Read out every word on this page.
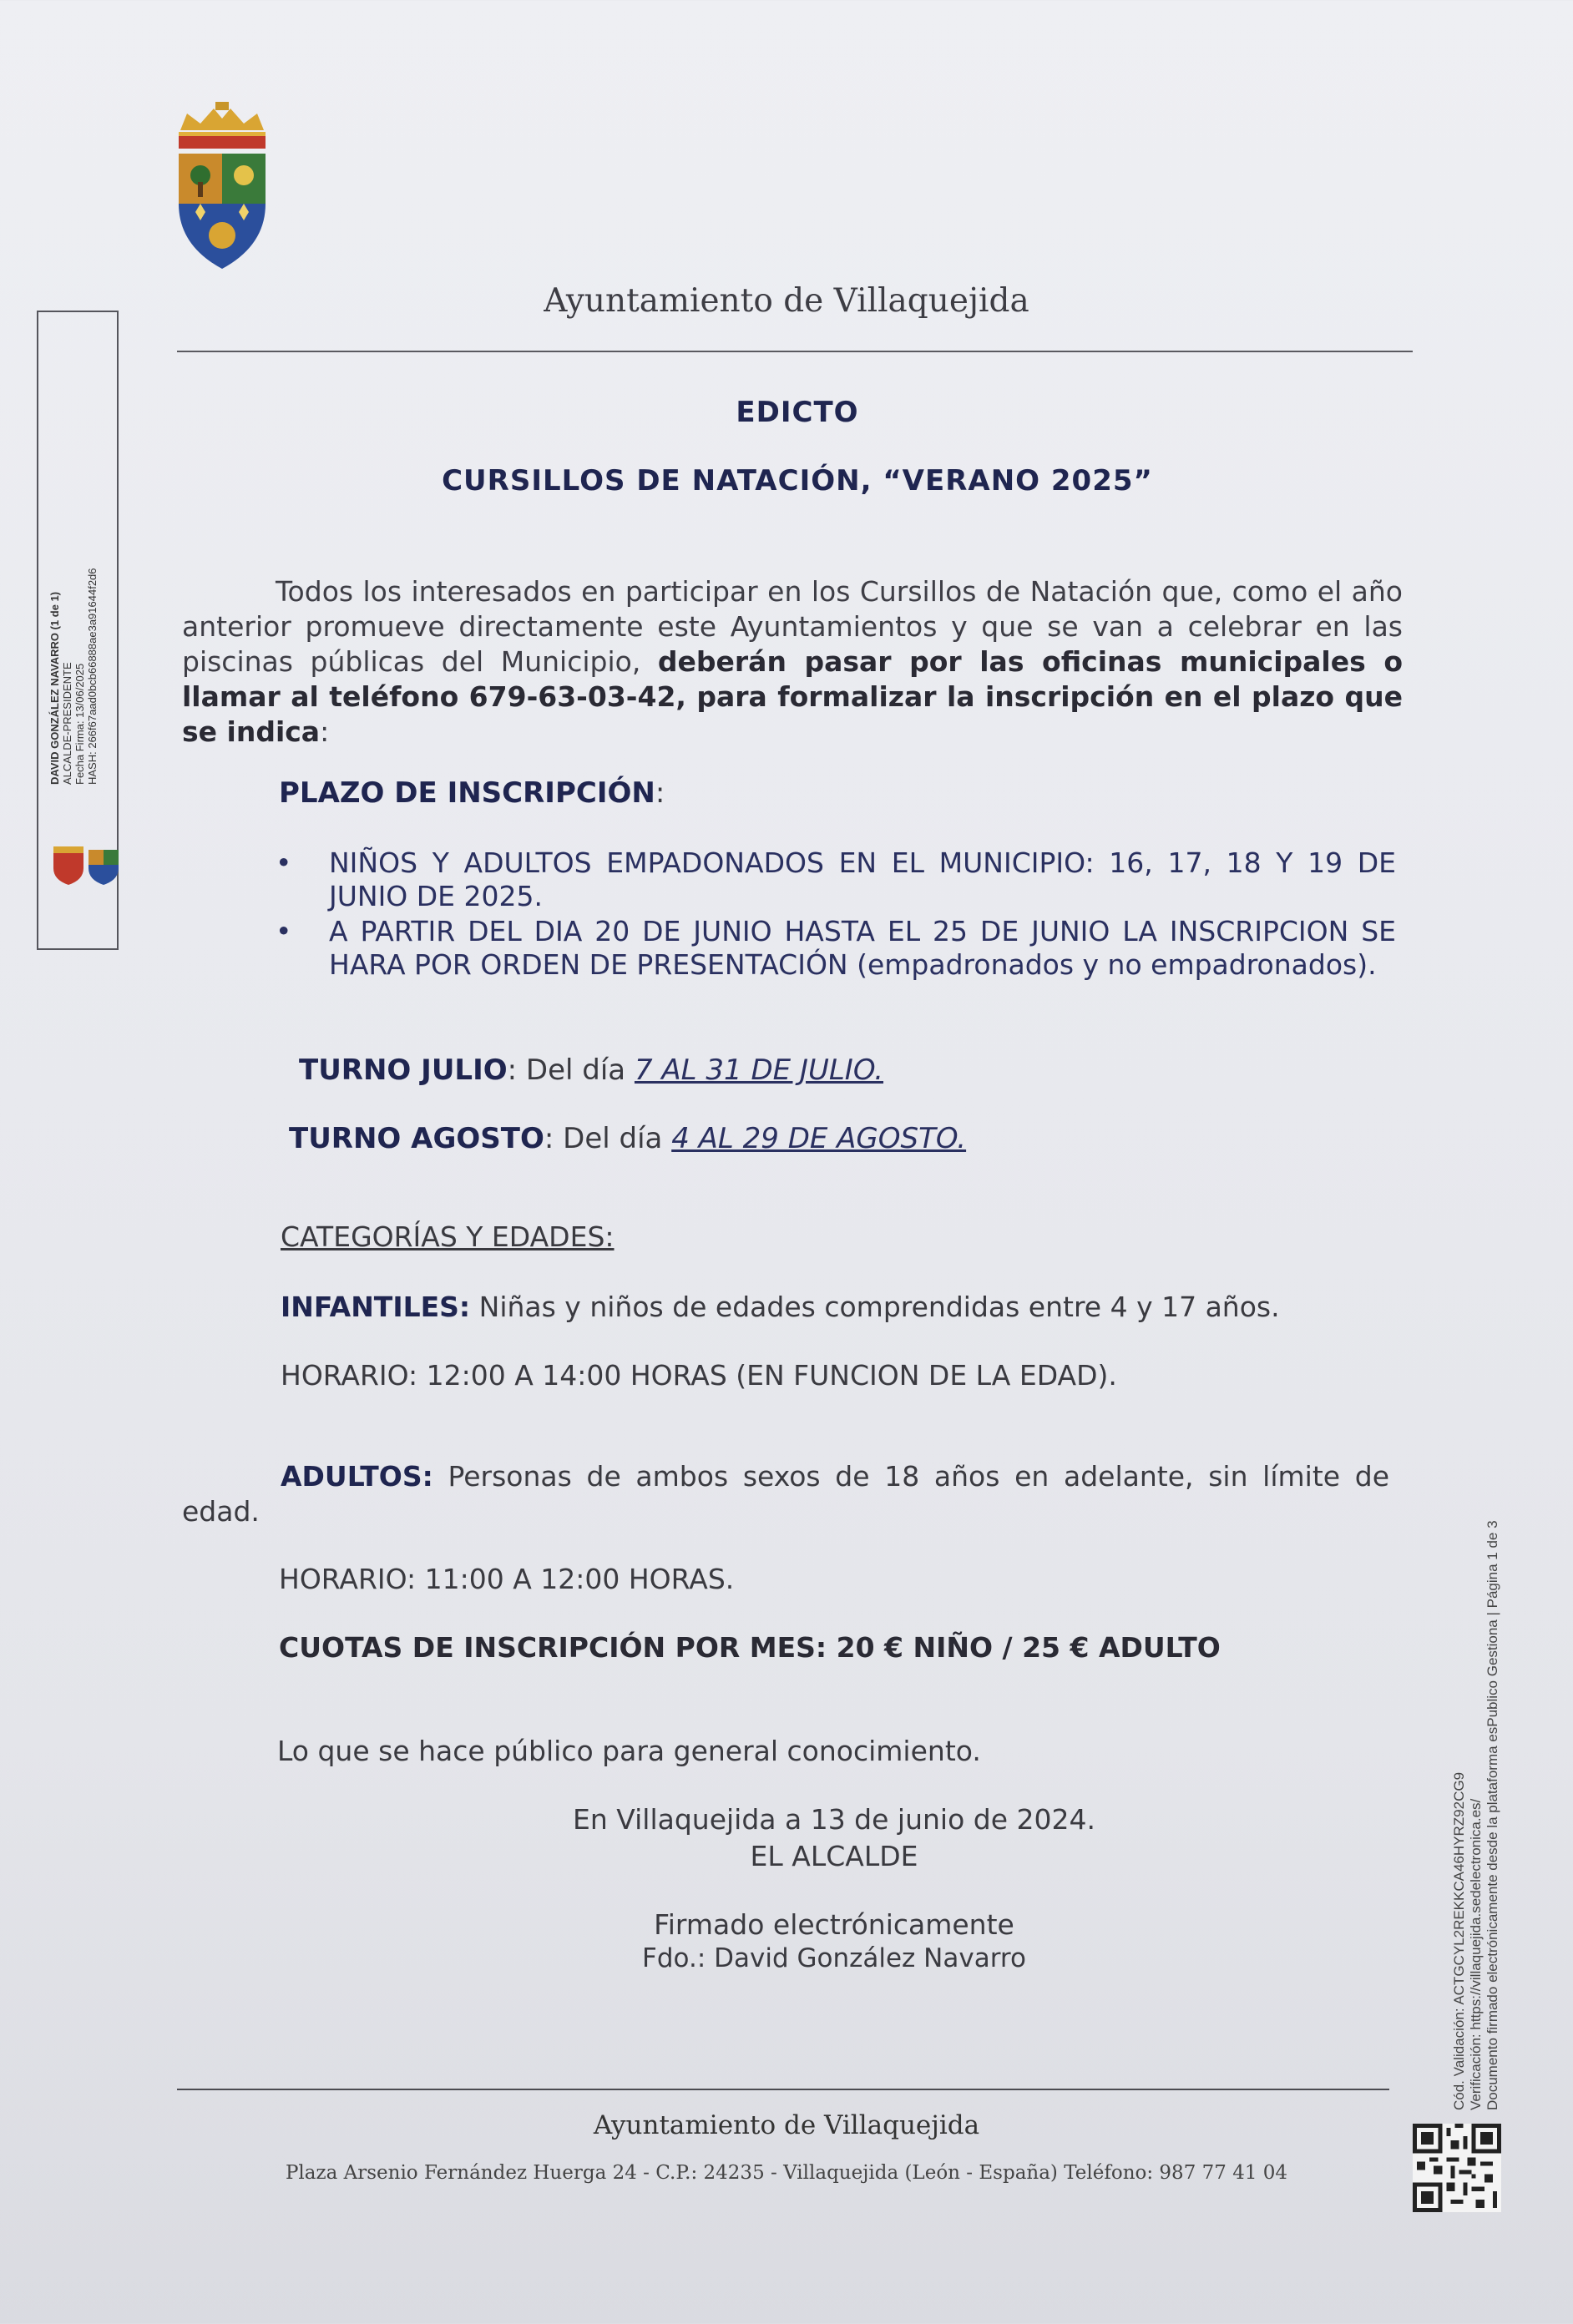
Ayuntamiento de Villaquejida
DAVID GONZÁLEZ NAVARRO (1 de 1) ALCALDE-PRESIDENTE Fecha Firma: 13/06/2025 HASH: 266f67aad0bcb66888ae3a91644f2d6
EDICTO
CURSILLOS DE NATACIÓN, “VERANO 2025”
Todos los interesados en participar en los Cursillos de Natación que, como el año anterior promueve directamente este Ayuntamientos y que se van a celebrar en las piscinas públicas del Municipio, deberán pasar por las oficinas municipales o llamar al teléfono 679-63-03-42, para formalizar la inscripción en el plazo que se indica:
PLAZO DE INSCRIPCIÓN:
• NIÑOS Y ADULTOS EMPADONADOS EN EL MUNICIPIO: 16, 17, 18 Y 19 DE JUNIO DE 2025.
• A PARTIR DEL DIA 20 DE JUNIO HASTA EL 25 DE JUNIO LA INSCRIPCION SE HARA POR ORDEN DE PRESENTACIÓN (empadronados y no empadronados).
TURNO JULIO: Del día 7 AL 31 DE JULIO.
TURNO AGOSTO: Del día 4 AL 29 DE AGOSTO.
CATEGORÍAS Y EDADES:
INFANTILES: Niñas y niños de edades comprendidas entre 4 y 17 años.
HORARIO: 12:00 A 14:00 HORAS (EN FUNCION DE LA EDAD).
ADULTOS: Personas de ambos sexos de 18 años en adelante, sin límite de edad.
HORARIO: 11:00 A 12:00 HORAS.
CUOTAS DE INSCRIPCIÓN POR MES: 20 € NIÑO / 25 € ADULTO
Lo que se hace público para general conocimiento.
En Villaquejida a 13 de junio de 2024.
EL ALCALDE
Firmado electrónicamente
Fdo.: David González Navarro	Cód. Validación: ACTGCYL2REKKCA46HYRZ92CG9 Verificación: https://villaquejida.sedelectronica.es/ Documento firmado electrónicamente desde la plataforma esPublico Gestiona | Página 1 de 3
Ayuntamiento de Villaquejida
Plaza Arsenio Fernández Huerga 24 - C.P.: 24235 - Villaquejida (León - España) Teléfono: 987 77 41 04
